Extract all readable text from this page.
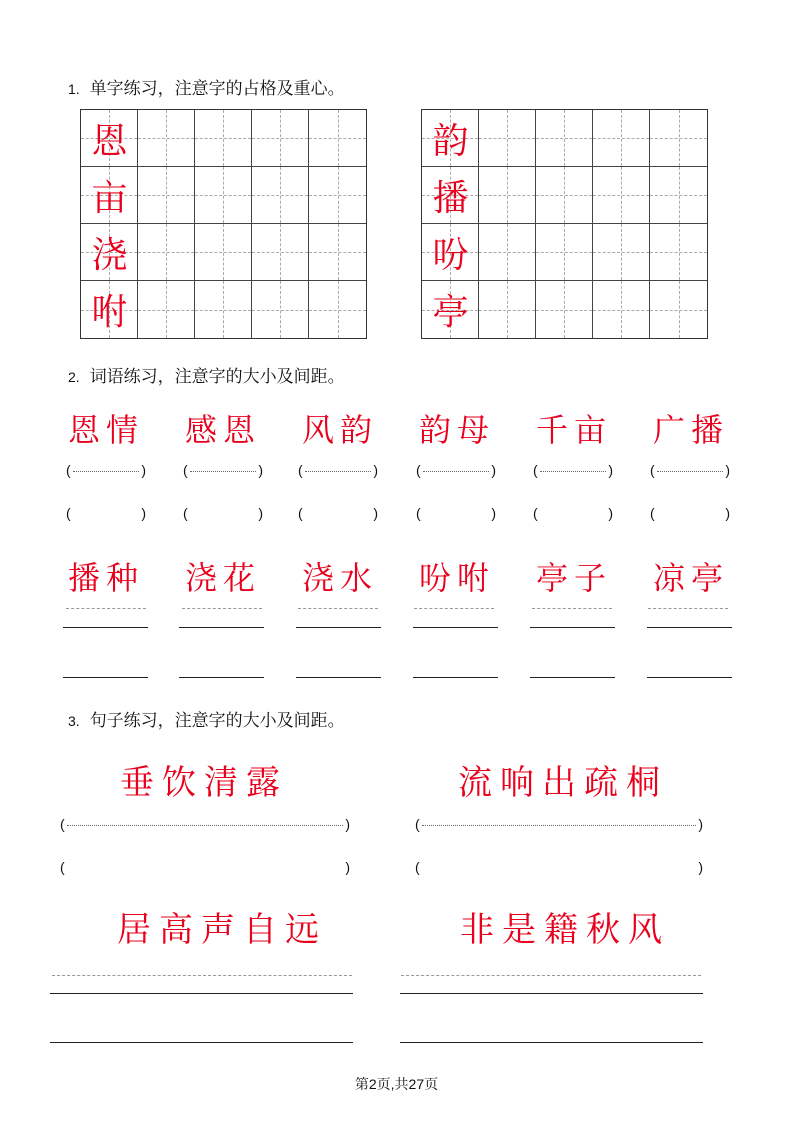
1. 单字练习，注意字的占格及重心。
恩
亩
浇
咐
韵
播
吩
亭
2. 词语练习，注意字的大小及间距。
恩情 感恩 风韵 韵母 千亩 广播
(	)	(	)	(	)	(	)	(	)	(	)
(	)	(	)	(	)	(	)	(	)	(	)
播种 浇花 浇水 吩咐 亭子 凉亭
3. 句子练习，注意字的大小及间距。
垂饮清露	流响出疏桐
(	)	(	)
(	)	(	)
居高声自远	非是籍秋风
第2页,共27页
